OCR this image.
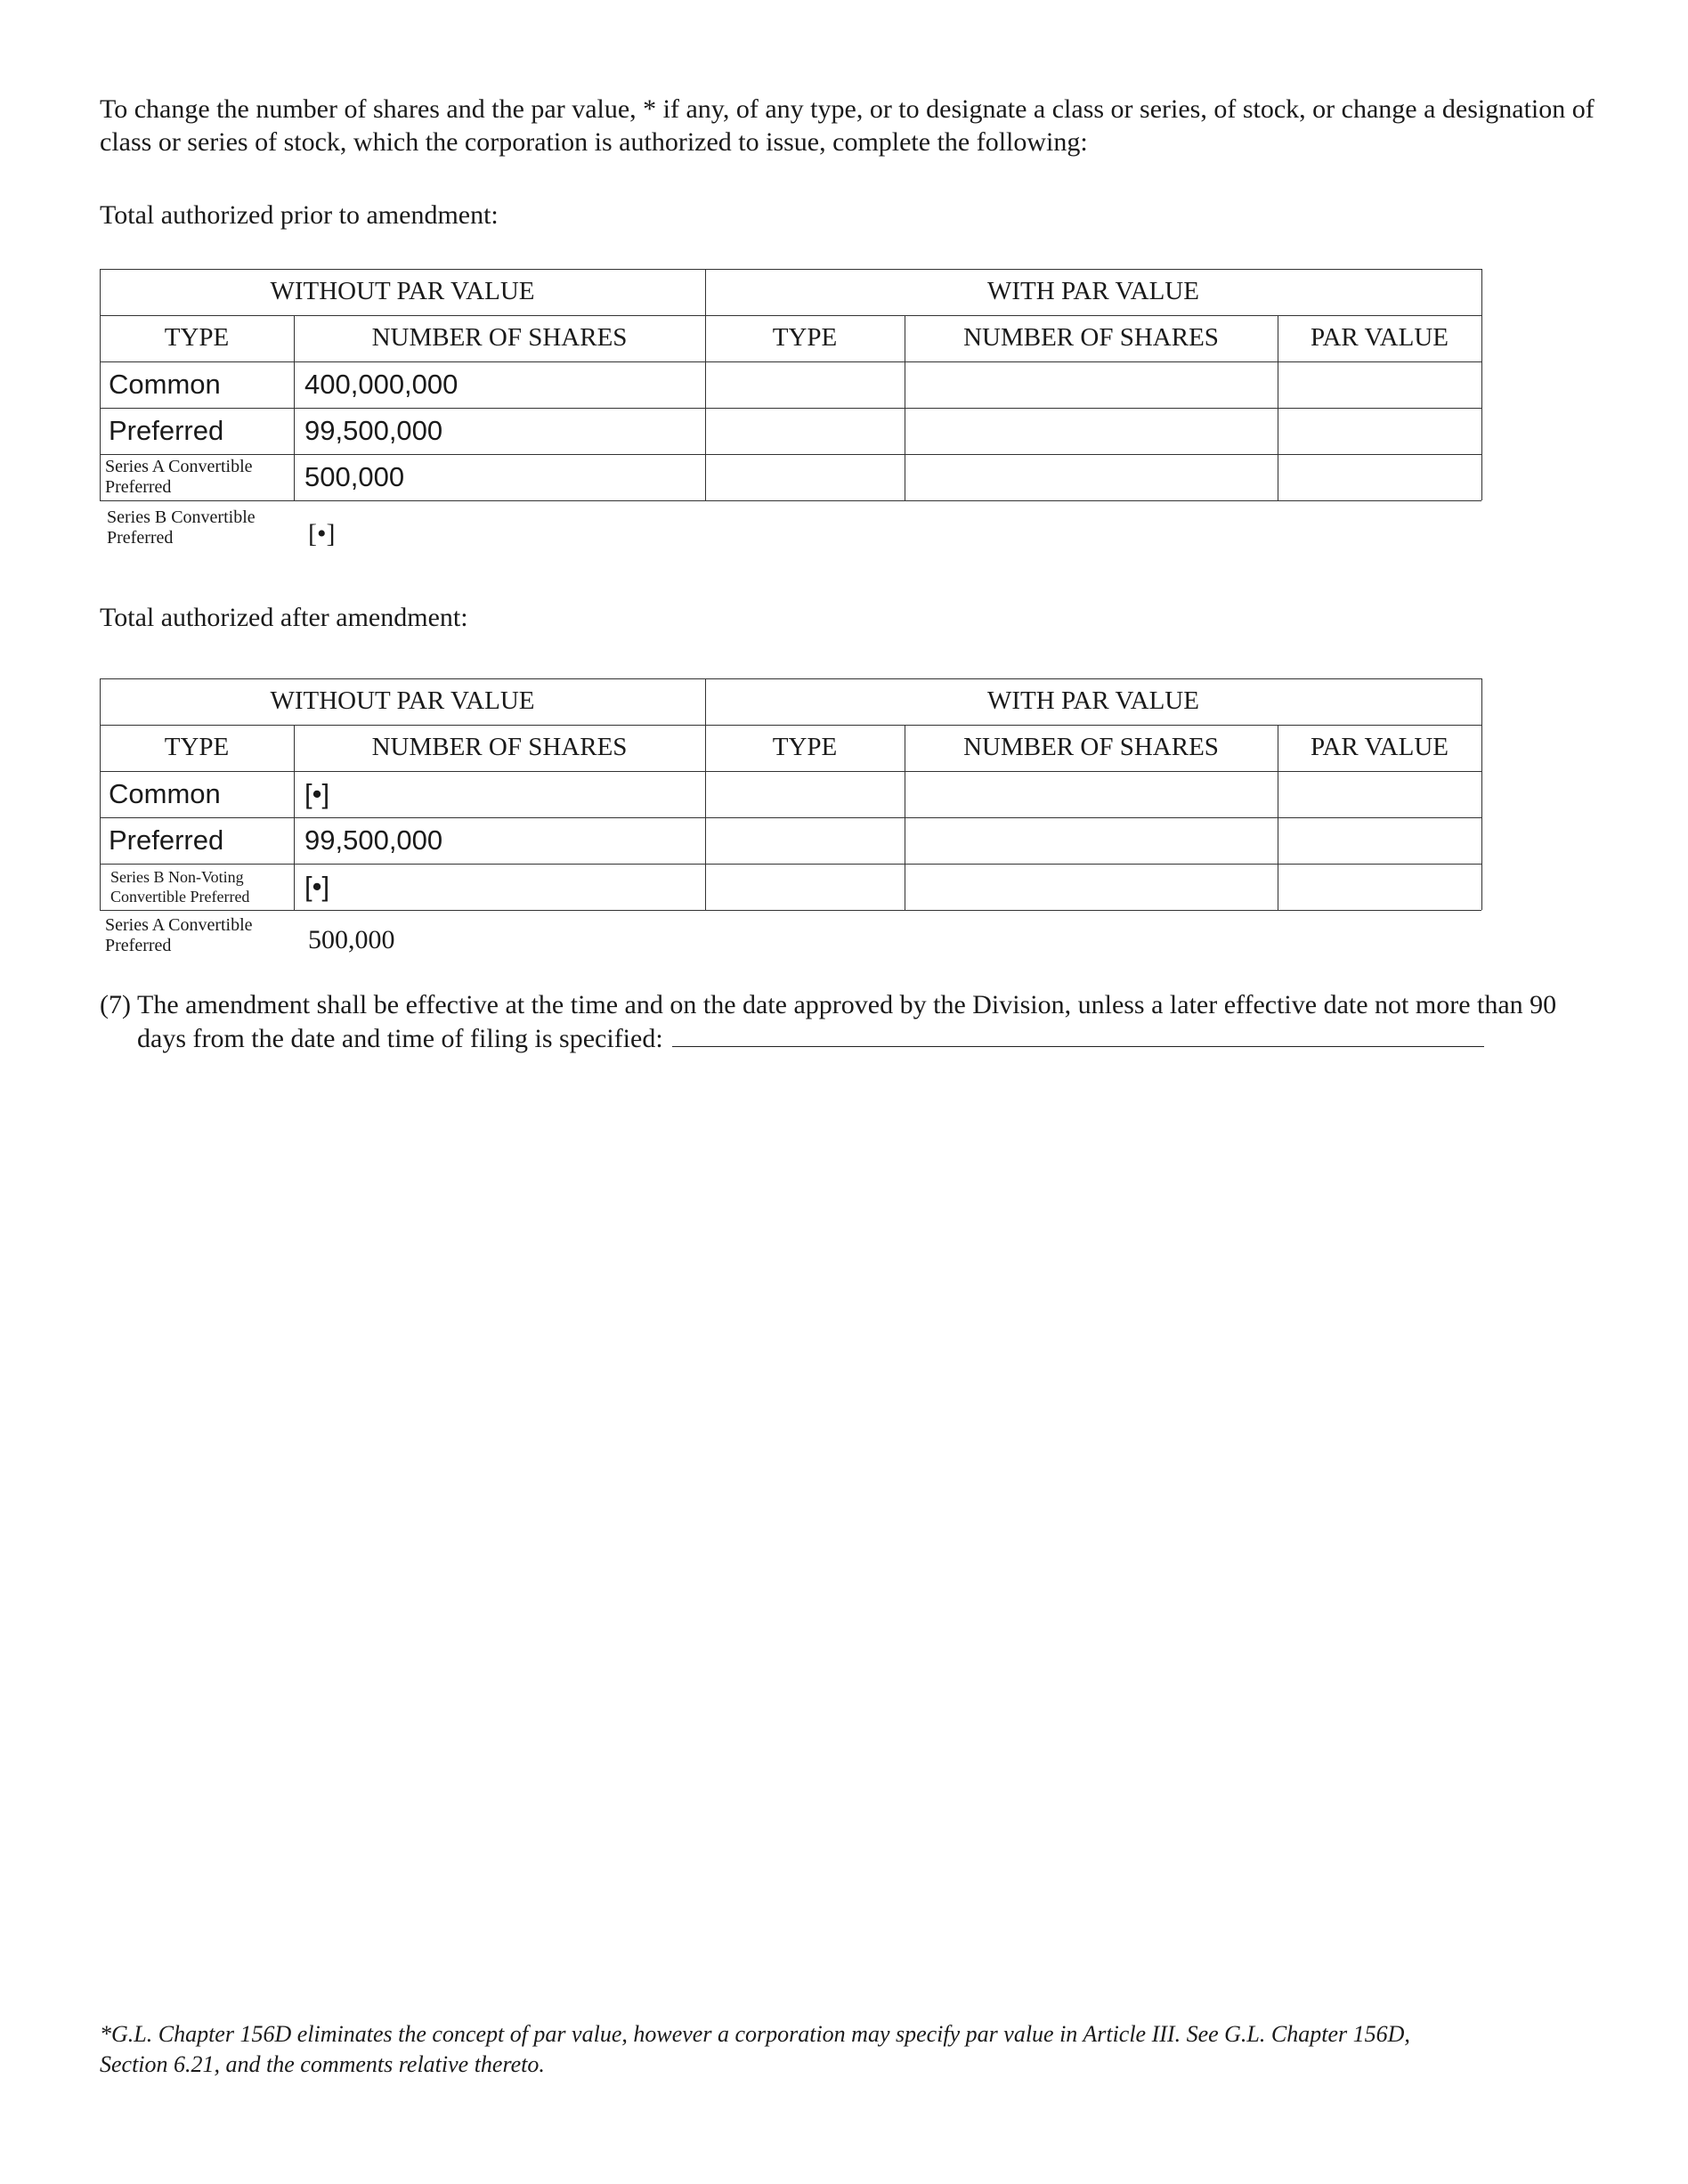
To change the number of shares and the par value, * if any, of any type, or to designate a class or series, of stock, or change a designation of class or series of stock, which the corporation is authorized to issue, complete the following:

Total authorized prior to amendment:

WITHOUT PAR VALUE	WITH PAR VALUE
TYPE	NUMBER OF SHARES	TYPE	NUMBER OF SHARES	PAR VALUE
Common	400,000,000
Preferred	99,500,000
Series A Convertible
Preferred	500,000
Series B Convertible
Preferred	[•]

Total authorized after amendment:

WITHOUT PAR VALUE	WITH PAR VALUE
TYPE	NUMBER OF SHARES	TYPE	NUMBER OF SHARES	PAR VALUE
Common	[•]
Preferred	99,500,000
Series B Non-Voting
Convertible Preferred [•]
Series A Convertible
Preferred	500,000

(7) The amendment shall be effective at the time and on the date approved by the Division, unless a later effective date not more than 90
days from the date and time of filing is specified:

*G.L. Chapter 156D eliminates the concept of par value, however a corporation may specify par value in Article III. See G.L. Chapter 156D,
Section 6.21, and the comments relative thereto.
